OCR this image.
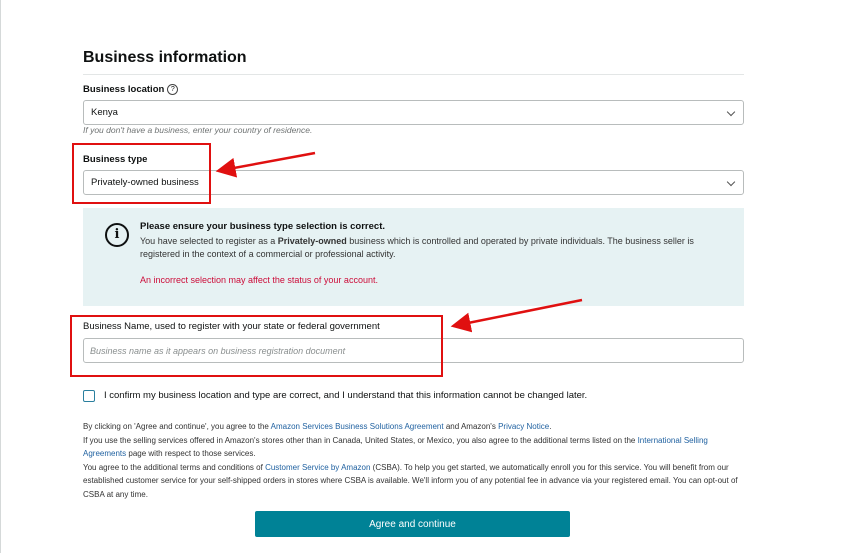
Business information
Business location ?
Kenya
If you don't have a business, enter your country of residence.
Business type
Privately-owned business
i
Please ensure your business type selection is correct.
You have selected to register as a Privately-owned business which is controlled and operated by private individuals. The business seller is registered in the context of a commercial or professional activity.
An incorrect selection may affect the status of your account.
Business Name, used to register with your state or federal government
Business name as it appears on business registration document
I confirm my business location and type are correct, and I understand that this information cannot be changed later.

By clicking on 'Agree and continue', you agree to the Amazon Services Business Solutions Agreement and Amazon's Privacy Notice.

If you use the selling services offered in Amazon's stores other than in Canada, United States, or Mexico, you also agree to the additional terms listed on the International Selling Agreements page with respect to those services.

You agree to the additional terms and conditions of Customer Service by Amazon (CSBA). To help you get started, we automatically enroll you for this service. You will benefit from our established customer service for your self-shipped orders in stores where CSBA is available. We'll inform you of any potential fee in advance via your registered email. You can opt-out of CSBA at any time.

Agree and continue
